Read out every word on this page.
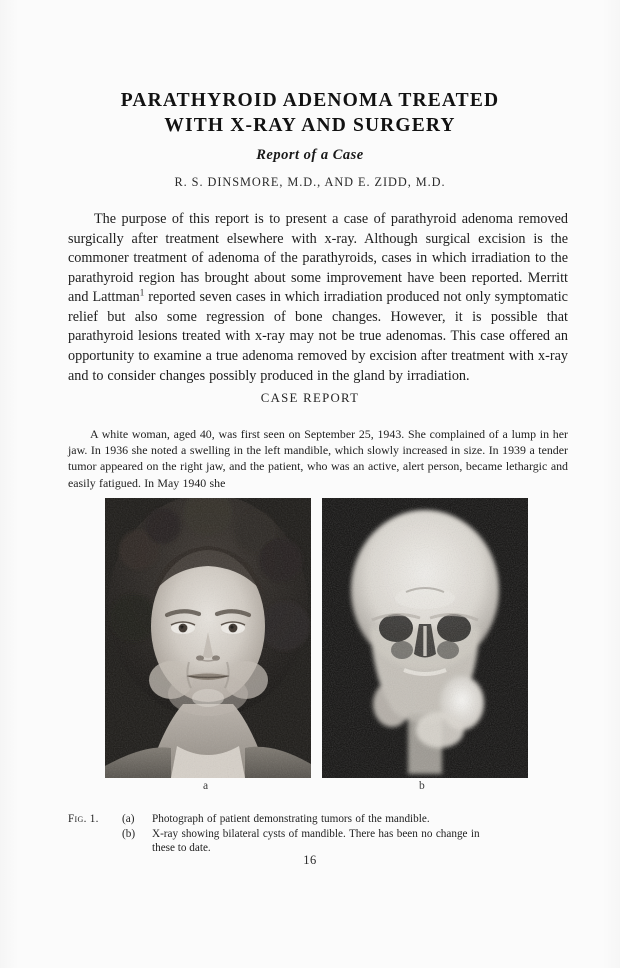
PARATHYROID ADENOMA TREATED
WITH X-RAY AND SURGERY
Report of a Case
R. S. DINSMORE, M.D., AND E. ZIDD, M.D.

The purpose of this report is to present a case of parathyroid adenoma removed surgically after treatment elsewhere with x-ray. Although surgical excision is the commoner treatment of adenoma of the parathyroids, cases in which irradiation to the parathyroid region has brought about some improvement have been reported. Merritt and Lattman$^1$ reported seven cases in which irradiation produced not only symptomatic relief but also some regression of bone changes. However, it is possible that parathyroid lesions treated with x-ray may not be true adenomas. This case offered an opportunity to examine a true adenoma removed by excision after treatment with x-ray and to consider changes possibly produced in the gland by irradiation.

CASE REPORT

A white woman, aged 40, was first seen on September 25, 1943. She complained of a lump in her jaw. In 1936 she noted a swelling in the left mandible, which slowly increased in size. In 1939 a tender tumor appeared on the right jaw, and the patient, who was an active, alert person, became lethargic and easily fatigued. In May 1940 she

a	b
Fig. 1.	(a)	Photograph of patient demonstrating tumors of the mandible.
(b)	X-ray showing bilateral cysts of mandible. There has been no change in
these to date.
16
